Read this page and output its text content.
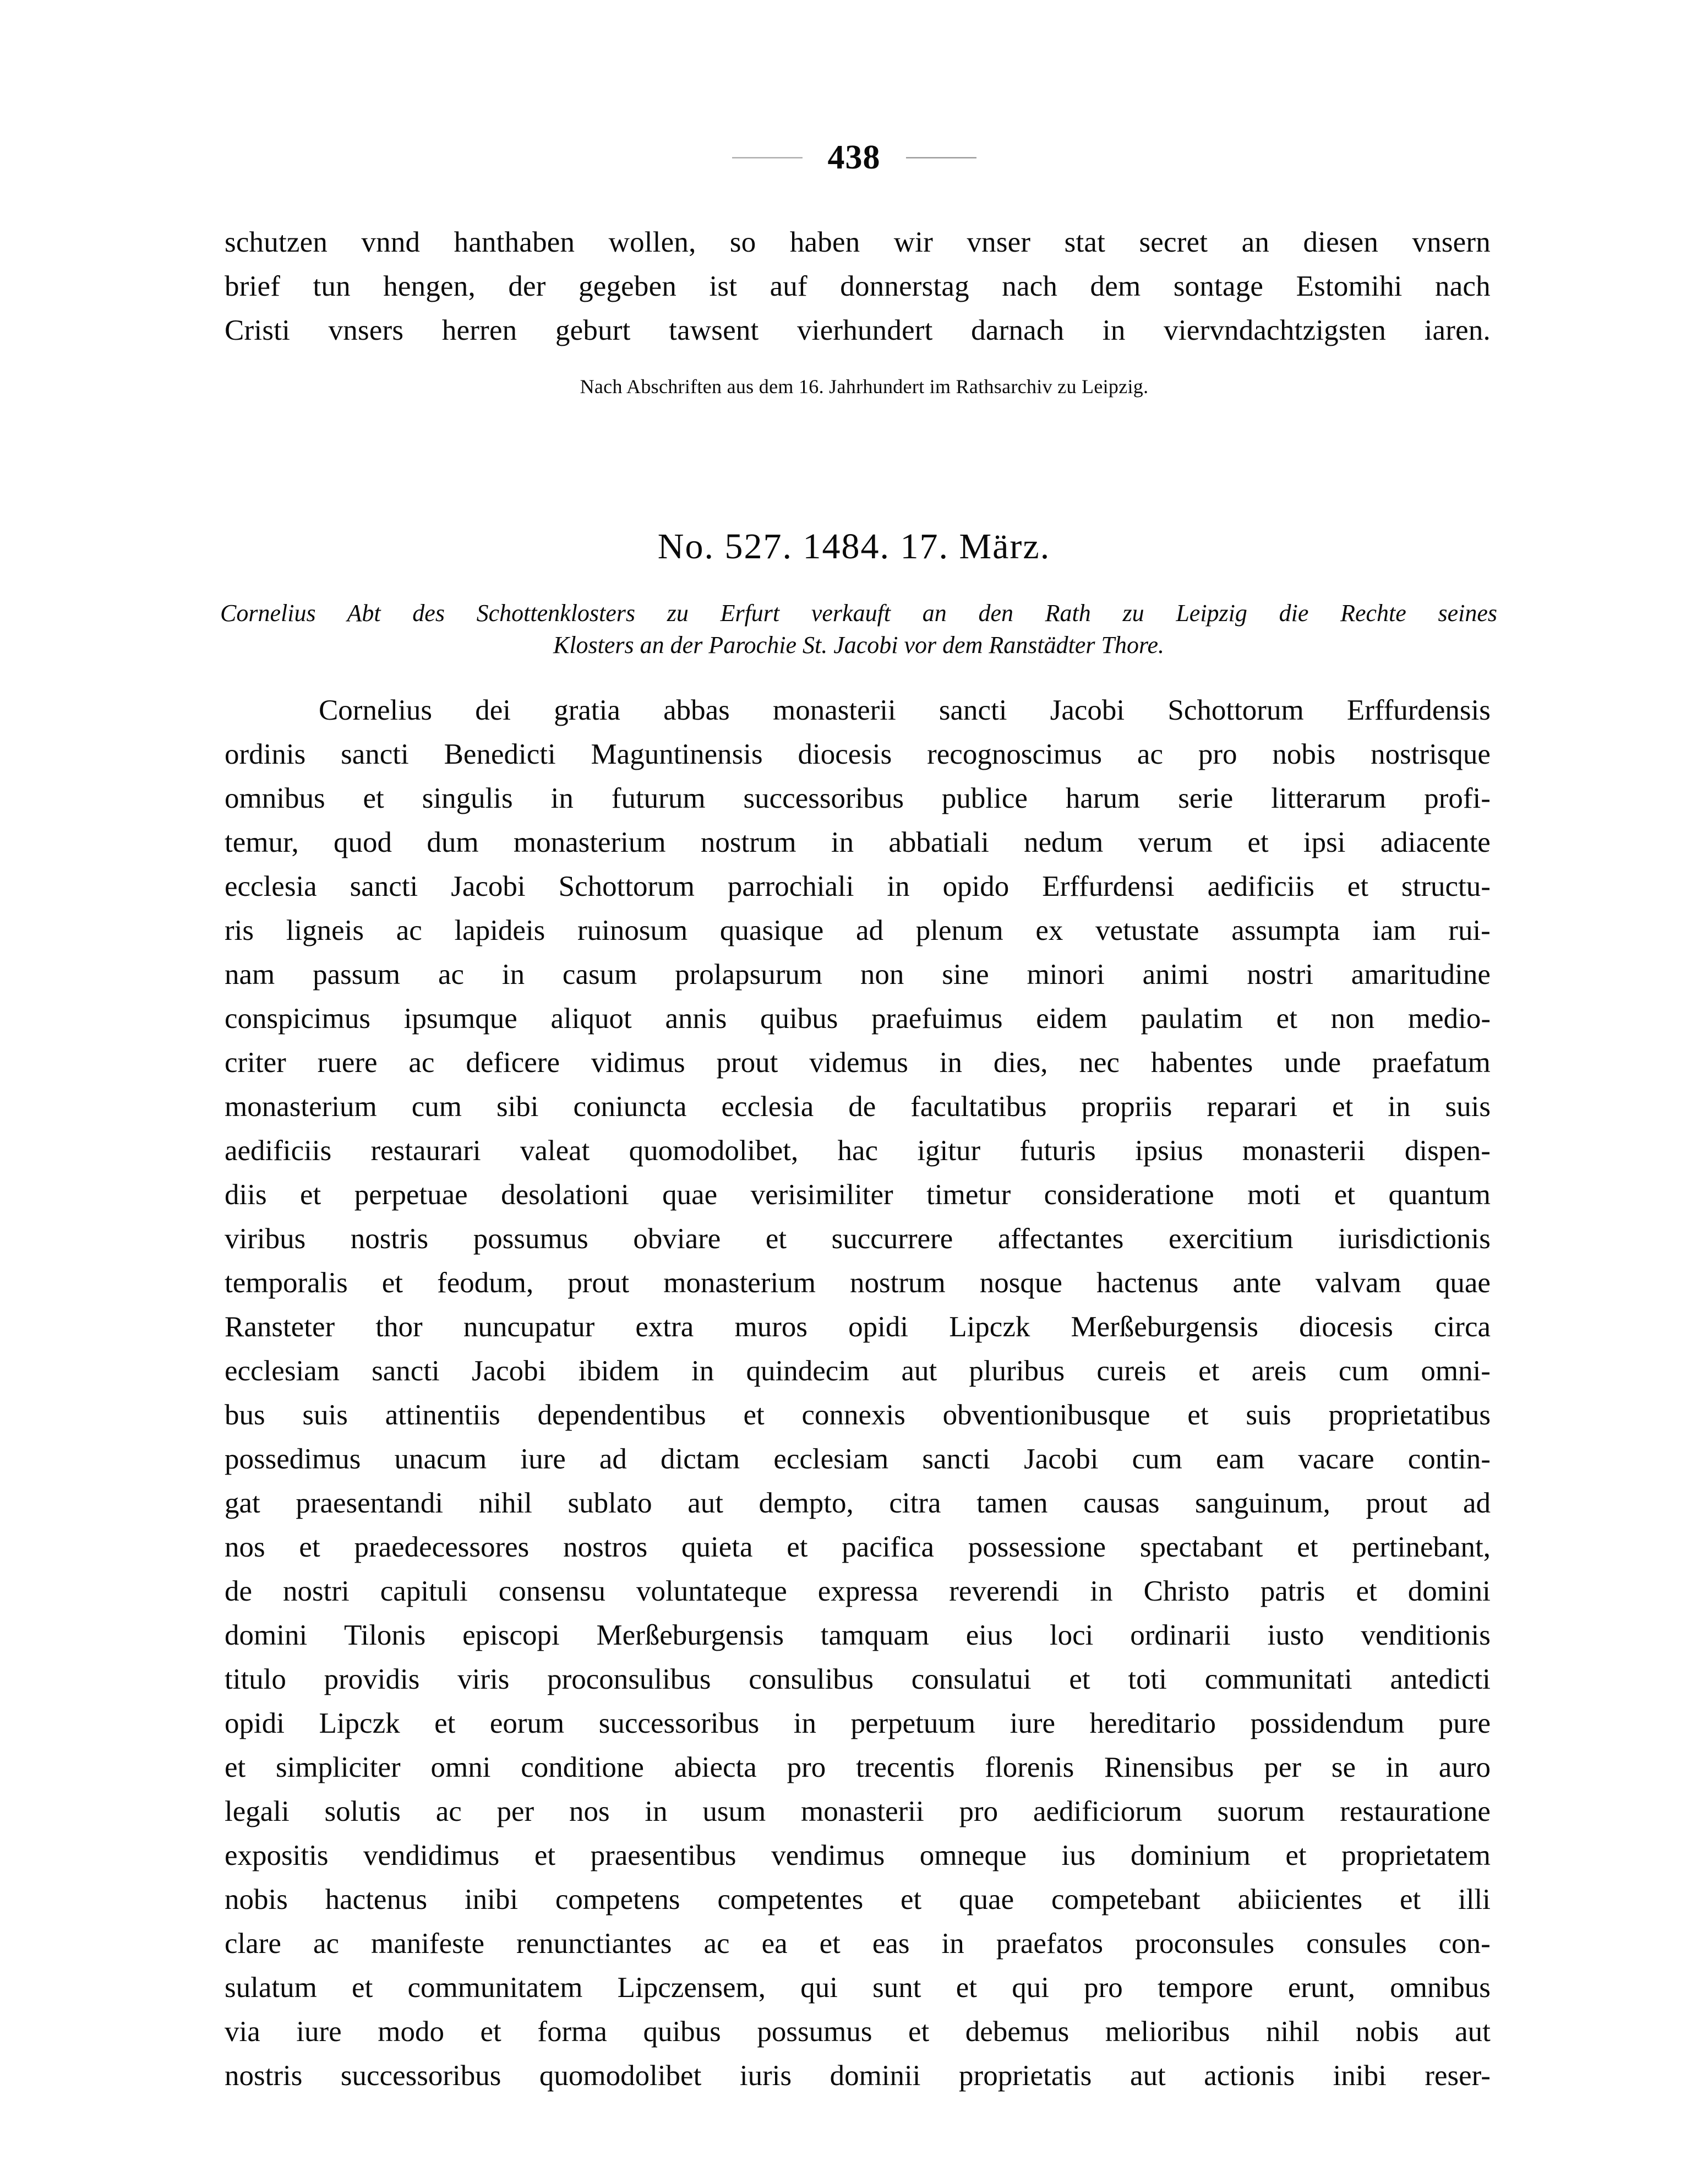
438
schutzen vnnd hanthaben wollen, so haben wir vnser stat secret an diesen vnsern
brief tun hengen, der gegeben ist auf donnerstag nach dem sontage Estomihi nach
Cristi vnsers herren geburt tawsent vierhundert darnach in viervndachtzigsten iaren.
Nach Abschriften aus dem 16. Jahrhundert im Rathsarchiv zu Leipzig.
No. 527. 1484. 17. März.
Cornelius Abt des Schottenklosters zu Erfurt verkauft an den Rath zu Leipzig die Rechte seines
Klosters an der Parochie St. Jacobi vor dem Ranstädter Thore.

Cornelius dei gratia abbas monasterii sancti Jacobi Schottorum Erffurdensis
ordinis sancti Benedicti Maguntinensis diocesis recognoscimus ac pro nobis nostrisque
omnibus et singulis in futurum successoribus publice harum serie litterarum profi-
temur, quod dum monasterium nostrum in abbatiali nedum verum et ipsi adiacente
ecclesia sancti Jacobi Schottorum parrochiali in opido Erffurdensi aedificiis et structu-
ris ligneis ac lapideis ruinosum quasique ad plenum ex vetustate assumpta iam rui-
nam passum ac in casum prolapsurum non sine minori animi nostri amaritudine
conspicimus ipsumque aliquot annis quibus praefuimus eidem paulatim et non medio-
criter ruere ac deficere vidimus prout videmus in dies, nec habentes unde praefatum
monasterium cum sibi coniuncta ecclesia de facultatibus propriis reparari et in suis
aedificiis restaurari valeat quomodolibet, hac igitur futuris ipsius monasterii dispen-
diis et perpetuae desolationi quae verisimiliter timetur consideratione moti et quantum
viribus nostris possumus obviare et succurrere affectantes exercitium iurisdictionis
temporalis et feodum, prout monasterium nostrum nosque hactenus ante valvam quae
Ransteter thor nuncupatur extra muros opidi Lipczk Merßeburgensis diocesis circa
ecclesiam sancti Jacobi ibidem in quindecim aut pluribus cureis et areis cum omni-
bus suis attinentiis dependentibus et connexis obventionibusque et suis proprietatibus
possedimus unacum iure ad dictam ecclesiam sancti Jacobi cum eam vacare contin-
gat praesentandi nihil sublato aut dempto, citra tamen causas sanguinum, prout ad
nos et praedecessores nostros quieta et pacifica possessione spectabant et pertinebant,
de nostri capituli consensu voluntateque expressa reverendi in Christo patris et domini
domini Tilonis episcopi Merßeburgensis tamquam eius loci ordinarii iusto venditionis
titulo providis viris proconsulibus consulibus consulatui et toti communitati antedicti
opidi Lipczk et eorum successoribus in perpetuum iure hereditario possidendum pure
et simpliciter omni conditione abiecta pro trecentis florenis Rinensibus per se in auro
legali solutis ac per nos in usum monasterii pro aedificiorum suorum restauratione
expositis vendidimus et praesentibus vendimus omneque ius dominium et proprietatem
nobis hactenus inibi competens competentes et quae competebant abiicientes et illi
clare ac manifeste renunctiantes ac ea et eas in praefatos proconsules consules con-
sulatum et communitatem Lipczensem, qui sunt et qui pro tempore erunt, omnibus
via iure modo et forma quibus possumus et debemus melioribus nihil nobis aut
nostris successoribus quomodolibet iuris dominii proprietatis aut actionis inibi reser-
